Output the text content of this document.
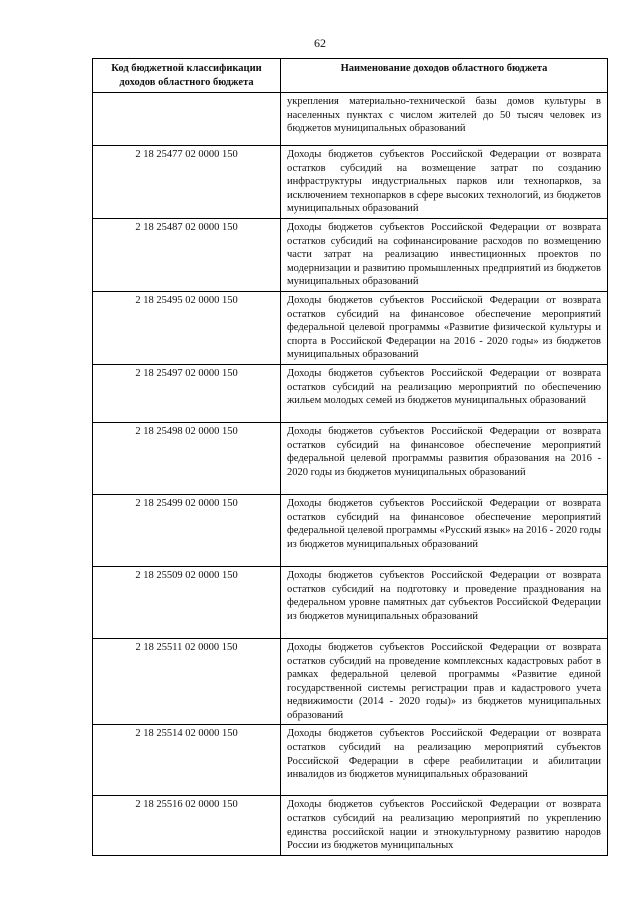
62
Код бюджетной классификации доходов областного бюджета	Наименование доходов областного бюджета
	укрепления материально-технической базы домов культуры в населенных пунктах с числом жителей до 50 тысяч человек из бюджетов муниципальных образований
2 18 25477 02 0000 150	Доходы бюджетов субъектов Российской Федерации от возврата остатков субсидий на возмещение затрат по созданию инфраструктуры индустриальных парков или технопарков, за исключением технопарков в сфере высоких технологий, из бюджетов муниципальных образований
2 18 25487 02 0000 150	Доходы бюджетов субъектов Российской Федерации от возврата остатков субсидий на софинансирование расходов по возмещению части затрат на реализацию инвестиционных проектов по модернизации и развитию промышленных предприятий из бюджетов муниципальных образований
2 18 25495 02 0000 150	Доходы бюджетов субъектов Российской Федерации от возврата остатков субсидий на финансовое обеспечение мероприятий федеральной целевой программы «Развитие физической культуры и спорта в Российской Федерации на 2016 - 2020 годы» из бюджетов муниципальных образований
2 18 25497 02 0000 150	Доходы бюджетов субъектов Российской Федерации от возврата остатков субсидий на реализацию мероприятий по обеспечению жильем молодых семей из бюджетов муниципальных образований
2 18 25498 02 0000 150	Доходы бюджетов субъектов Российской Федерации от возврата остатков субсидий на финансовое обеспечение мероприятий федеральной целевой программы развития образования на 2016 - 2020 годы из бюджетов муниципальных образований
2 18 25499 02 0000 150	Доходы бюджетов субъектов Российской Федерации от возврата остатков субсидий на финансовое обеспечение мероприятий федеральной целевой программы «Русский язык» на 2016 - 2020 годы из бюджетов муниципальных образований
2 18 25509 02 0000 150	Доходы бюджетов субъектов Российской Федерации от возврата остатков субсидий на подготовку и проведение празднования на федеральном уровне памятных дат субъектов Российской Федерации из бюджетов муниципальных образований
2 18 25511 02 0000 150	Доходы бюджетов субъектов Российской Федерации от возврата остатков субсидий на проведение комплексных кадастровых работ в рамках федеральной целевой программы «Развитие единой государственной системы регистрации прав и кадастрового учета недвижимости (2014 - 2020 годы)» из бюджетов муниципальных образований
2 18 25514 02 0000 150	Доходы бюджетов субъектов Российской Федерации от возврата остатков субсидий на реализацию мероприятий субъектов Российской Федерации в сфере реабилитации и абилитации инвалидов из бюджетов муниципальных образований
2 18 25516 02 0000 150	Доходы бюджетов субъектов Российской Федерации от возврата остатков субсидий на реализацию мероприятий по укреплению единства российской нации и этнокультурному развитию народов России из бюджетов муниципальных
